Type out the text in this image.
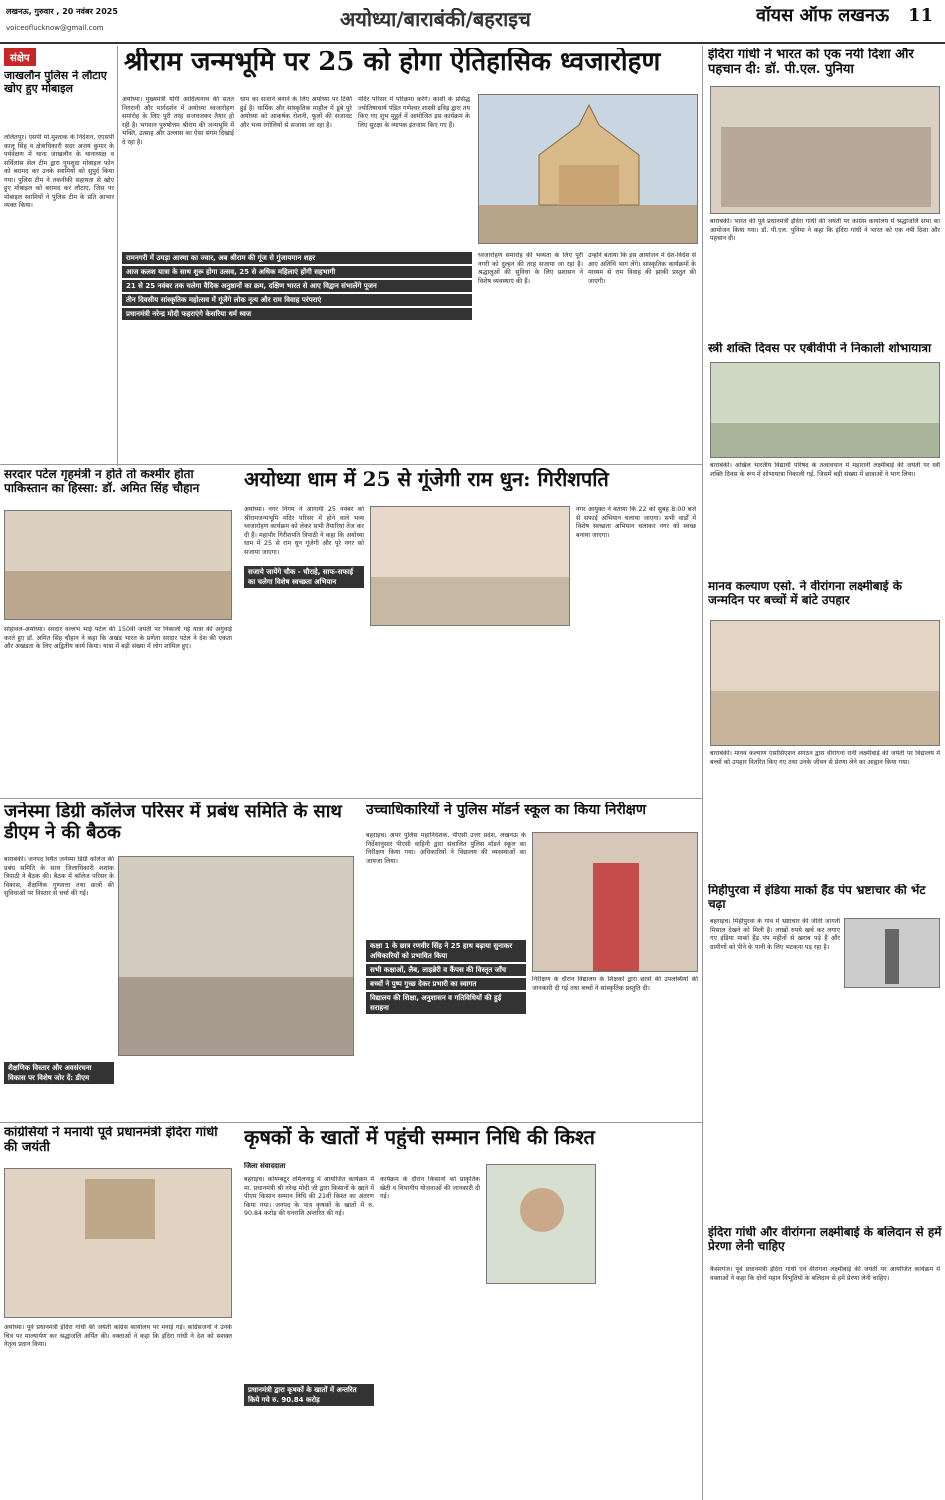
लखनऊ, गुरुवार , 20 नवंबर 2025
voiceoflucknow@gmail.com	अयोध्या/बाराबंकी/बहराइच	वॉयस ऑफ लखनऊ 11
संक्षेप
जाखलौन पुलिस ने लौटाए खोए हुए मोबाइल
ललितपुर। एसपी मो.मुश्ताक के निर्देशन, एएसपी कालू सिंह व क्षेत्राधिकारी सदर अजय कुमार के पर्यवेक्षण में थाना जाखलौन के थानाध्यक्ष व सर्विलांस सेल टीम द्वारा गुमशुदा मोबाइल फोन को बरामद कर उनके स्वामियों को सुपुर्द किया गया। पुलिस टीम ने तकनीकी सहायता से खोए हुए मोबाइल को बरामद कर लौटाए, जिस पर मोबाइल स्वामियों ने पुलिस टीम के प्रति आभार व्यक्त किया।
श्रीराम जन्मभूमि पर 25 को होगा ऐतिहासिक ध्वजारोहण
अयोध्या। मुख्यमंत्री योगी आदित्यनाथ की सतत निगरानी और मार्गदर्शन में अयोध्या ध्वजारोहण समारोह के लिए पूरी तरह सजधजकर तैयार हो रही है। भगवान पुरुषोत्तम श्रीराम की जन्मभूमि में भक्ति, उत्साह और उल्लास का ऐसा संगम दिखाई दे रहा है।
धाम का सजाने बनाने के लिए अयोध्या पर टिकी हुई है। धार्मिक और सांस्कृतिक माहौल में डूबे पूरे अयोध्या को आकर्षक रोशनी, फूलों की सजावट और भव्य रंगोलियों से सजाया जा रहा है।
मंदिर परिसर में परिक्रमा करेंगे। काशी के प्रसिद्ध ज्योतिषाचार्य पंडित गणेश्वर शास्त्री द्रविड़ द्वारा तय किए गए शुभ मुहूर्त में आयोजित इस कार्यक्रम के लिए सुरक्षा के व्यापक इंतजाम किए गए हैं।
रामनगरी में उमड़ा आस्था का ज्वार, अब श्रीराम की गूंज से गुंजायमान शहर
आज कलश यात्रा के साथ शुरू होगा उत्सव, 25 से अधिक महिलाएं होंगी सहभागी
21 से 25 नवंबर तक चलेगा वैदिक अनुष्ठानों का क्रम, दक्षिण भारत से आए विद्वान संभालेंगे पूजन
तीन दिवसीय सांस्कृतिक महोत्सव में गूंजेंगे लोक नृत्य और राम विवाह परंपराएं
प्रधानमंत्री नरेन्द्र मोदी फहराएंगे केसरिया धर्म ध्वज
ध्वजारोहण समारोह की भव्यता के लिए पूरी नगरी को दुल्हन की तरह सजाया जा रहा है। श्रद्धालुओं की सुविधा के लिए प्रशासन ने विशेष व्यवस्थाएं की हैं।
उन्होंने बताया कि इस आयोजन में देश-विदेश से आए अतिथि भाग लेंगे। सांस्कृतिक कार्यक्रमों के माध्यम से राम विवाह की झांकी प्रस्तुत की जाएगी।
इंदिरा गांधी ने भारत को एक नयी दिशा और पहचान दी: डॉ. पी.एल. पुनिया
बाराबंकी। भारत की पूर्व प्रधानमंत्री इंदिरा गांधी की जयंती पर कांग्रेस कार्यालय में श्रद्धांजलि सभा का आयोजन किया गया। डॉ. पी.एल. पुनिया ने कहा कि इंदिरा गांधी ने भारत को एक नयी दिशा और पहचान दी।
स्त्री शक्ति दिवस पर एबीवीपी ने निकाली शोभायात्रा
बाराबंकी। अखिल भारतीय विद्यार्थी परिषद के तत्वावधान में महारानी लक्ष्मीबाई की जयंती पर स्त्री शक्ति दिवस के रूप में शोभायात्रा निकाली गई, जिसमें बड़ी संख्या में छात्राओं ने भाग लिया।
मानव कल्याण एसो. ने वीरांगना लक्ष्मीबाई के जन्मदिन पर बच्चों में बांटे उपहार
बाराबंकी। मानव कल्याण एसोसिएशन संगठन द्वारा वीरांगना रानी लक्ष्मीबाई की जयंती पर विद्यालय में बच्चों को उपहार वितरित किए गए तथा उनके जीवन से प्रेरणा लेने का आह्वान किया गया।
मिहीपुरवा में इंडिया मार्का हैंड पंप भ्रष्टाचार की भेंट चढ़ा
बहराइच। मिहीपुरवा के गांव में भ्रष्टाचार की जीती जागती मिसाल देखने को मिली है। लाखों रुपये खर्च कर लगाए गए इंडिया मार्का हैंड पंप महीनों से खराब पड़े हैं और ग्रामीणों को पीने के पानी के लिए भटकना पड़ रहा है।
इंदिरा गांधी और वीरांगना लक्ष्मीबाई के बलिदान से हमें प्रेरणा लेनी चाहिए
कैसरगंज। पूर्व प्रधानमंत्री इंदिरा गांधी एवं वीरांगना लक्ष्मीबाई की जयंती पर आयोजित कार्यक्रम में वक्ताओं ने कहा कि दोनों महान विभूतियों के बलिदान से हमें प्रेरणा लेनी चाहिए।
सरदार पटेल गृहमंत्री न होते तो कश्मीर होता पाकिस्तान का हिस्सा: डॉ. अमित सिंह चौहान
सोहावल-अयोध्या। सरदार वल्लभ भाई पटेल की 150वीं जयंती पर निकाली गई यात्रा की अगुवाई करते हुए डॉ. अमित सिंह चौहान ने कहा कि अखंड भारत के प्रणेता सरदार पटेल ने देश की एकता और अखंडता के लिए अद्वितीय कार्य किया। यात्रा में बड़ी संख्या में लोग शामिल हुए।
अयोध्या धाम में 25 से गूंजेगी राम धुन: गिरीशपति
अयोध्या। नगर निगम ने आगामी 25 नवंबर को श्रीरामजन्मभूमि मंदिर परिसर में होने वाले भव्य ध्वजारोहण कार्यक्रम को लेकर सभी तैयारियां तेज कर दी हैं। महापौर गिरीशपति त्रिपाठी ने कहा कि अयोध्या धाम में 25 से राम धुन गूंजेगी और पूरे नगर को सजाया जाएगा।
सजाये जायेंगे चौक - चौराहे, साफ-सफाई का चलेगा विशेष स्वच्छता अभियान
नगर आयुक्त ने बताया कि 22 को सुबह 8:00 बजे से सफाई अभियान चलाया जाएगा। सभी वार्डों में विशेष स्वच्छता अभियान चलाकर नगर को स्वच्छ बनाया जाएगा।
जनेस्मा डिग्री कॉलेज परिसर में प्रबंध समिति के साथ डीएम ने की बैठक
बाराबंकी। जनपद स्थित जनेस्मा डिग्री कॉलेज की प्रबंध समिति के साथ जिलाधिकारी शशांक त्रिपाठी ने बैठक की। बैठक में कॉलेज परिसर के विकास, शैक्षणिक गुणवत्ता तथा छात्रों की सुविधाओं पर विस्तार से चर्चा की गई।
शैक्षणिक विस्तार और अवसंरचना विकास पर विशेष जोर दें: डीएम
उच्चाधिकारियों ने पुलिस मॉडर्न स्कूल का किया निरीक्षण
बहराइच। अपर पुलिस महानिदेशक, पीएसी उत्तर प्रदेश, लखनऊ के निर्देशानुसार पीएसी वाहिनी द्वारा संचालित पुलिस मॉडर्न स्कूल का निरीक्षण किया गया। अधिकारियों ने विद्यालय की व्यवस्थाओं का जायजा लिया।
कक्षा 1 के छात्र रणवीर सिंह ने 25 हाथ बढ़ाया सुनाकर अधिकारियों को प्रभावित किया
सभी कक्षाओं, लैब, लाइब्रेरी व कैंपस की विस्तृत जाँच
बच्चों ने पुष्प गुच्छ देकर प्रभारी का स्वागत
विद्यालय की शिक्षा, अनुशासन व गतिविधियों की हुई सराहना
निरीक्षण के दौरान विद्यालय के शिक्षकों द्वारा छात्रों की उपलब्धियों की जानकारी दी गई तथा बच्चों ने सांस्कृतिक प्रस्तुति दी।
कांग्रेसियों ने मनायी पूर्व प्रधानमंत्री इंदिरा गांधी की जयंती
अयोध्या। पूर्व प्रधानमंत्री इंदिरा गांधी की जयंती कांग्रेस कार्यालय पर मनाई गई। कांग्रेसजनों ने उनके चित्र पर माल्यार्पण कर श्रद्धांजलि अर्पित की। वक्ताओं ने कहा कि इंदिरा गांधी ने देश को सशक्त नेतृत्व प्रदान किया।
कृषकों के खातों में पहुंची सम्मान निधि की किश्त
जिला संवाददाता
बहराइच। कोयम्बटूर तमिलनाडु में आयोजित कार्यक्रम में मा. प्रधानमंत्री श्री नरेन्द्र मोदी जी द्वारा किसानों के खाते में पीएम किसान सम्मान निधि की 21वीं किश्त का अंतरण किया गया। जनपद के पात्र कृषकों के खातों में रु. 90.84 करोड़ की धनराशि अन्तरित की गई।
प्रधानमंत्री द्वारा कृषकों के खातों में अन्तरित किये गये रु. 90.84 करोड़
कार्यक्रम के दौरान किसानों को प्राकृतिक खेती व विभागीय योजनाओं की जानकारी दी गई।
